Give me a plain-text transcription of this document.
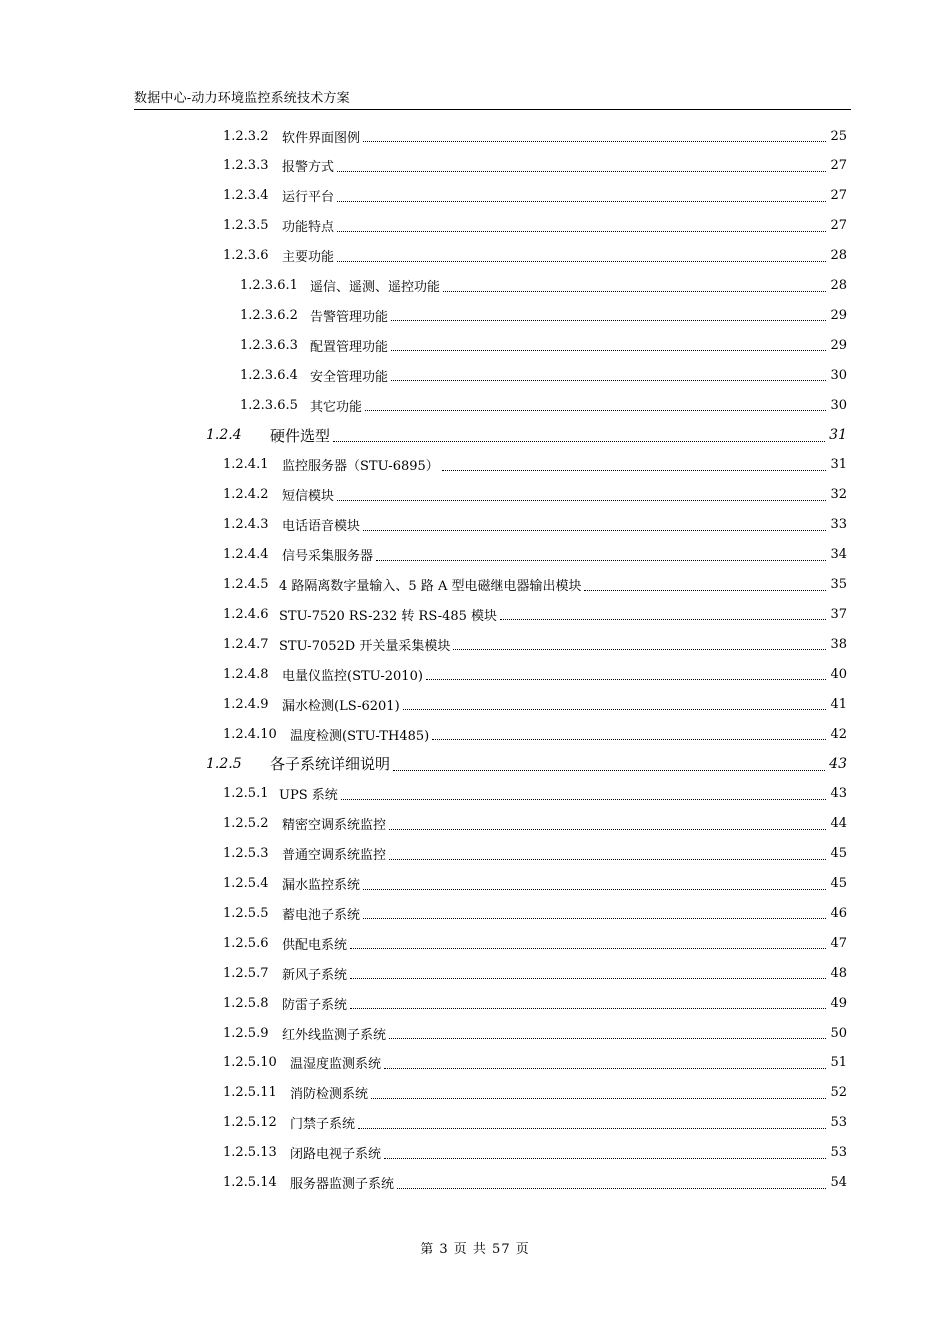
数据中心-动力环境监控系统技术方案
1.2.3.2 软件界面图例	25
1.2.3.3 报警方式	27
1.2.3.4 运行平台	27
1.2.3.5 功能特点	27
1.2.3.6 主要功能	28
1.2.3.6.1 遥信、遥测、遥控功能	28
1.2.3.6.2 告警管理功能	29
1.2.3.6.3 配置管理功能	29
1.2.3.6.4 安全管理功能	30
1.2.3.6.5 其它功能	30
1.2.4 硬件选型	31
1.2.4.1 监控服务器（STU-6895）	31
1.2.4.2 短信模块	32
1.2.4.3 电话语音模块	33
1.2.4.4 信号采集服务器	34
1.2.4.5 4 路隔离数字量输入、5 路 A 型电磁继电器输出模块	35
1.2.4.6 STU-7520 RS-232 转 RS-485 模块	37
1.2.4.7 STU-7052D 开关量采集模块	38
1.2.4.8 电量仪监控(STU-2010)	40
1.2.4.9 漏水检测(LS-6201)	41
1.2.4.10 温度检测(STU-TH485)	42
1.2.5 各子系统详细说明	43
1.2.5.1 UPS 系统	43
1.2.5.2 精密空调系统监控	44
1.2.5.3 普通空调系统监控	45
1.2.5.4 漏水监控系统	45
1.2.5.5 蓄电池子系统	46
1.2.5.6 供配电系统	47
1.2.5.7 新风子系统	48
1.2.5.8 防雷子系统	49
1.2.5.9 红外线监测子系统	50
1.2.5.10 温湿度监测系统	51
1.2.5.11 消防检测系统	52
1.2.5.12 门禁子系统	53
1.2.5.13 闭路电视子系统	53
1.2.5.14 服务器监测子系统	54
第 3 页 共 57 页
